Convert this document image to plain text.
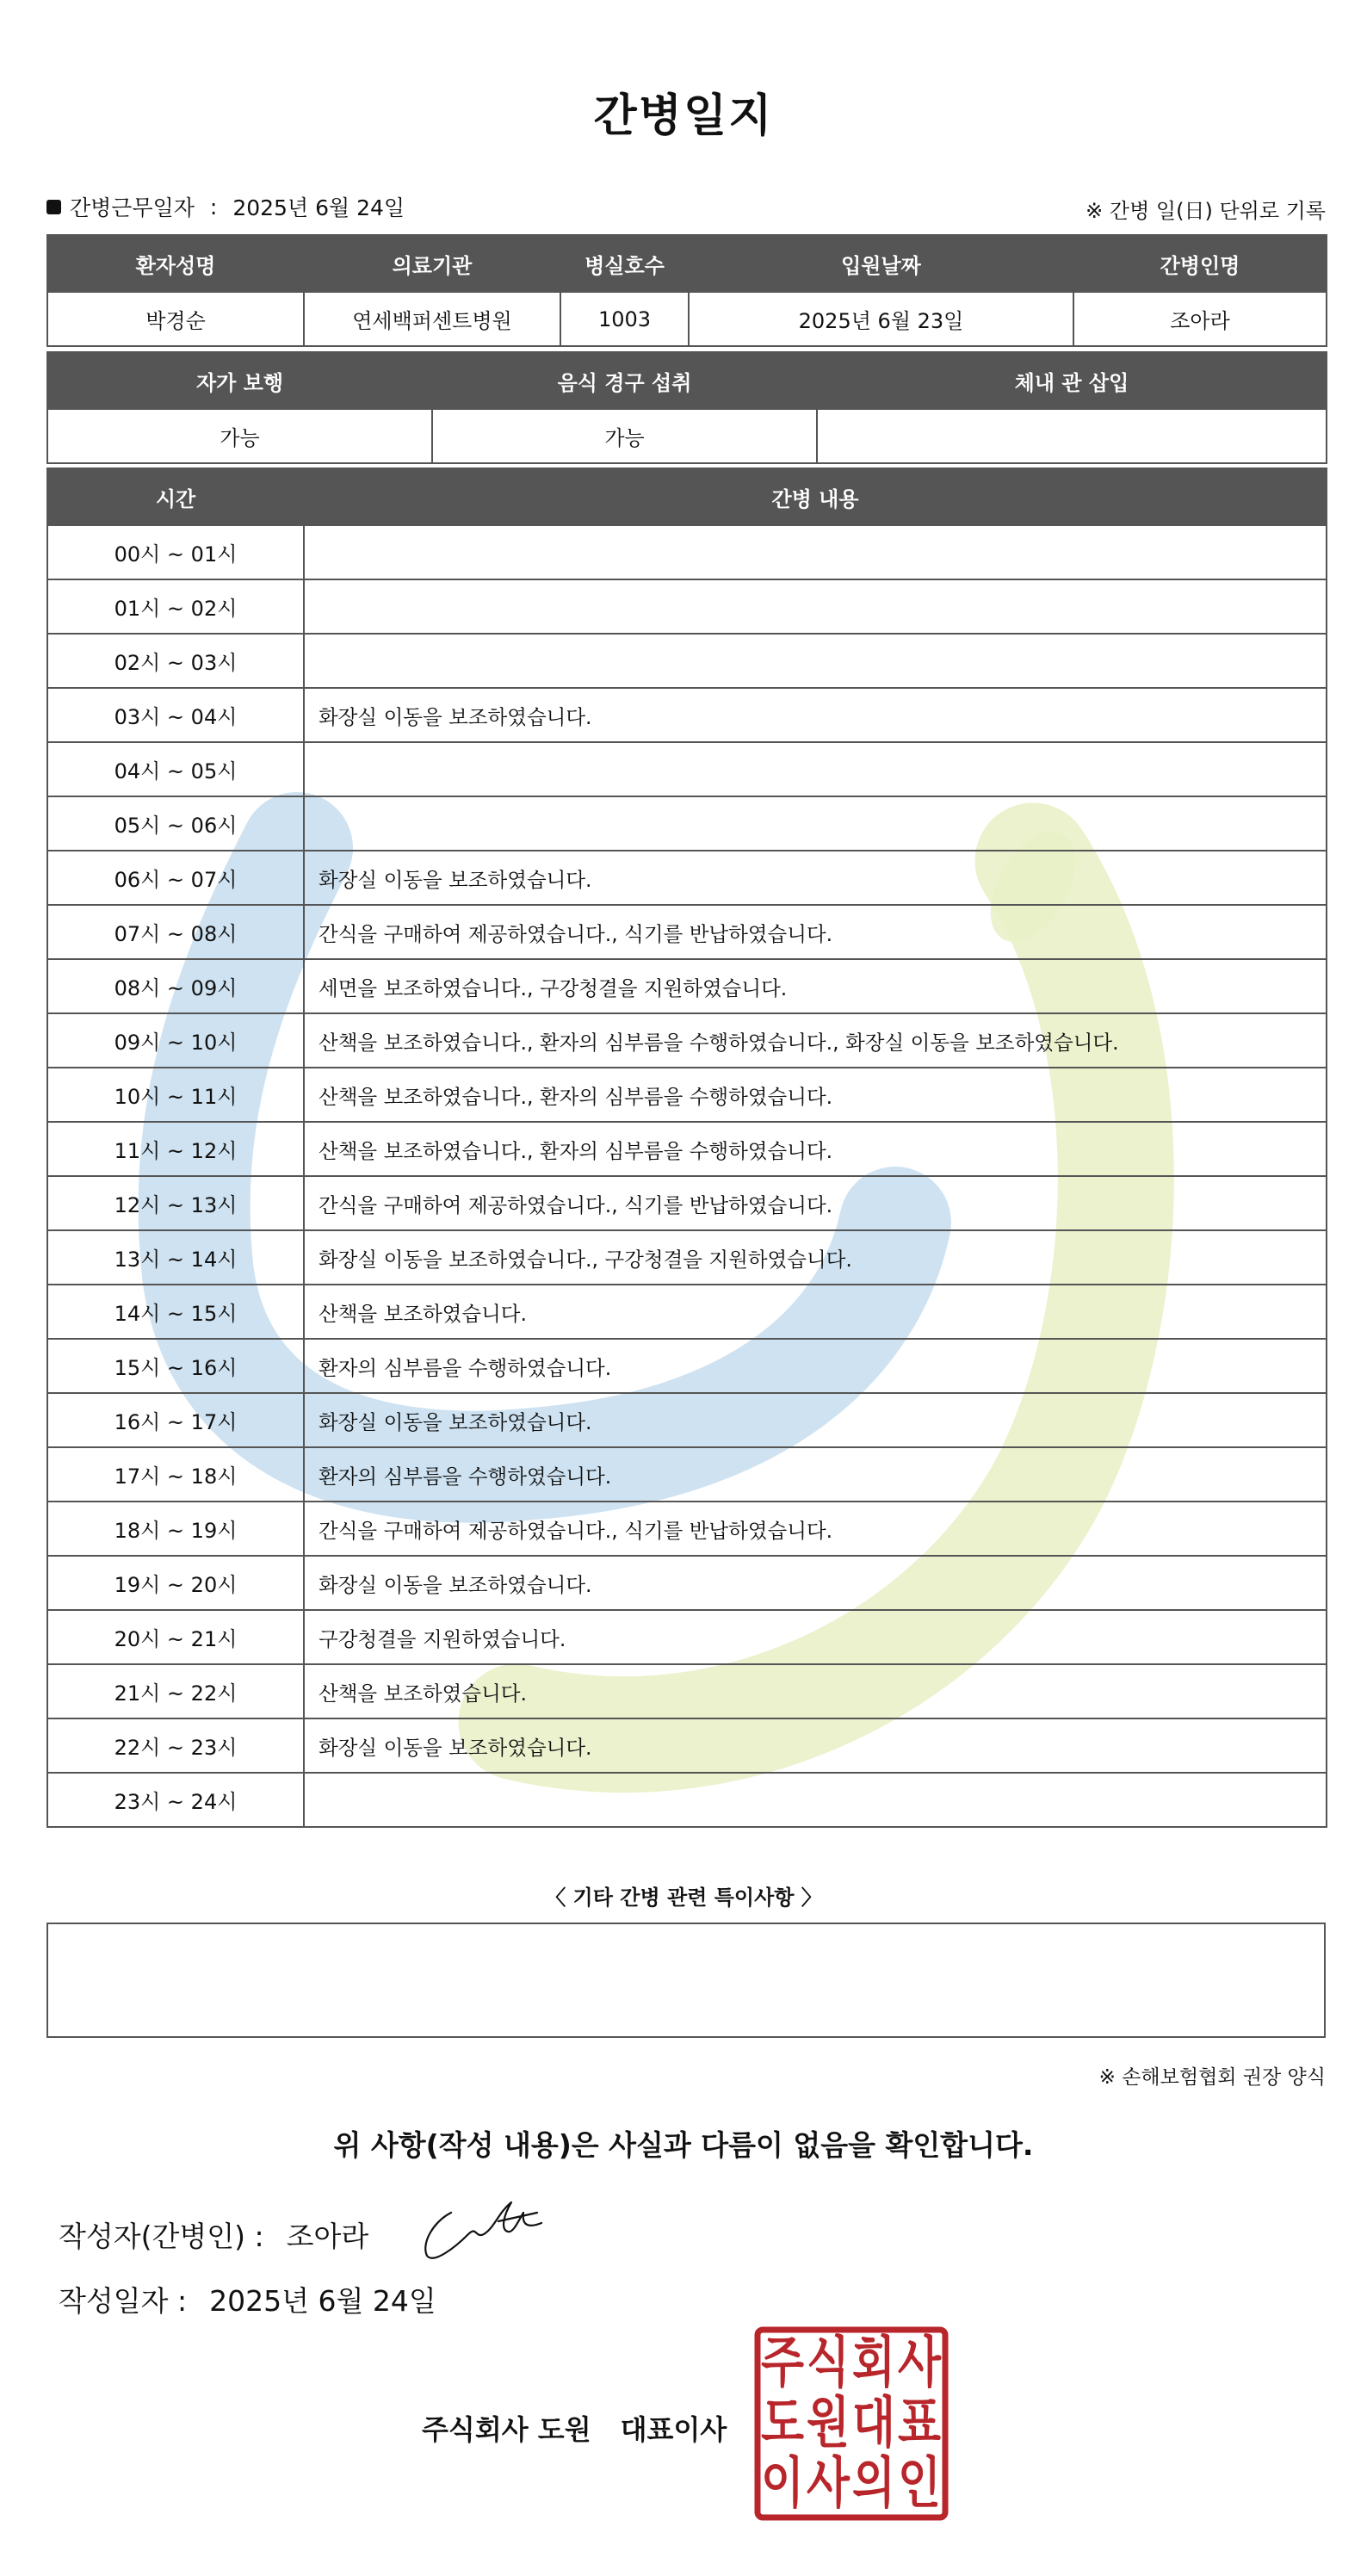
간병일지
간병근무일자 : 2025년 6월 24일	※ 간병 일(日) 단위로 기록
환자성명	의료기관	병실호수	입원날짜	간병인명
박경순	연세백퍼센트병원	1003	2025년 6월 23일	조아라
자가 보행	음식 경구 섭취	체내 관 삽입
가능	가능	
시간	간병 내용
00시 ~ 01시	
01시 ~ 02시	
02시 ~ 03시	
03시 ~ 04시	화장실 이동을 보조하였습니다.
04시 ~ 05시	
05시 ~ 06시	
06시 ~ 07시	화장실 이동을 보조하였습니다.
07시 ~ 08시	간식을 구매하여 제공하였습니다., 식기를 반납하였습니다.
08시 ~ 09시	세면을 보조하였습니다., 구강청결을 지원하였습니다.
09시 ~ 10시	산책을 보조하였습니다., 환자의 심부름을 수행하였습니다., 화장실 이동을 보조하였습니다.
10시 ~ 11시	산책을 보조하였습니다., 환자의 심부름을 수행하였습니다.
11시 ~ 12시	산책을 보조하였습니다., 환자의 심부름을 수행하였습니다.
12시 ~ 13시	간식을 구매하여 제공하였습니다., 식기를 반납하였습니다.
13시 ~ 14시	화장실 이동을 보조하였습니다., 구강청결을 지원하였습니다.
14시 ~ 15시	산책을 보조하였습니다.
15시 ~ 16시	환자의 심부름을 수행하였습니다.
16시 ~ 17시	화장실 이동을 보조하였습니다.
17시 ~ 18시	환자의 심부름을 수행하였습니다.
18시 ~ 19시	간식을 구매하여 제공하였습니다., 식기를 반납하였습니다.
19시 ~ 20시	화장실 이동을 보조하였습니다.
20시 ~ 21시	구강청결을 지원하였습니다.
21시 ~ 22시	산책을 보조하였습니다.
22시 ~ 23시	화장실 이동을 보조하였습니다.
23시 ~ 24시	
〈 기타 간병 관련 특이사항 〉
※ 손해보험협회 권장 양식
위 사항(작성 내용)은 사실과 다름이 없음을 확인합니다.
작성자(간병인) : 조아라
작성일자 : 2025년 6월 24일
주식회사 도원 대표이사
주 식 회 사
도 원 대 표
이 사 의 인
